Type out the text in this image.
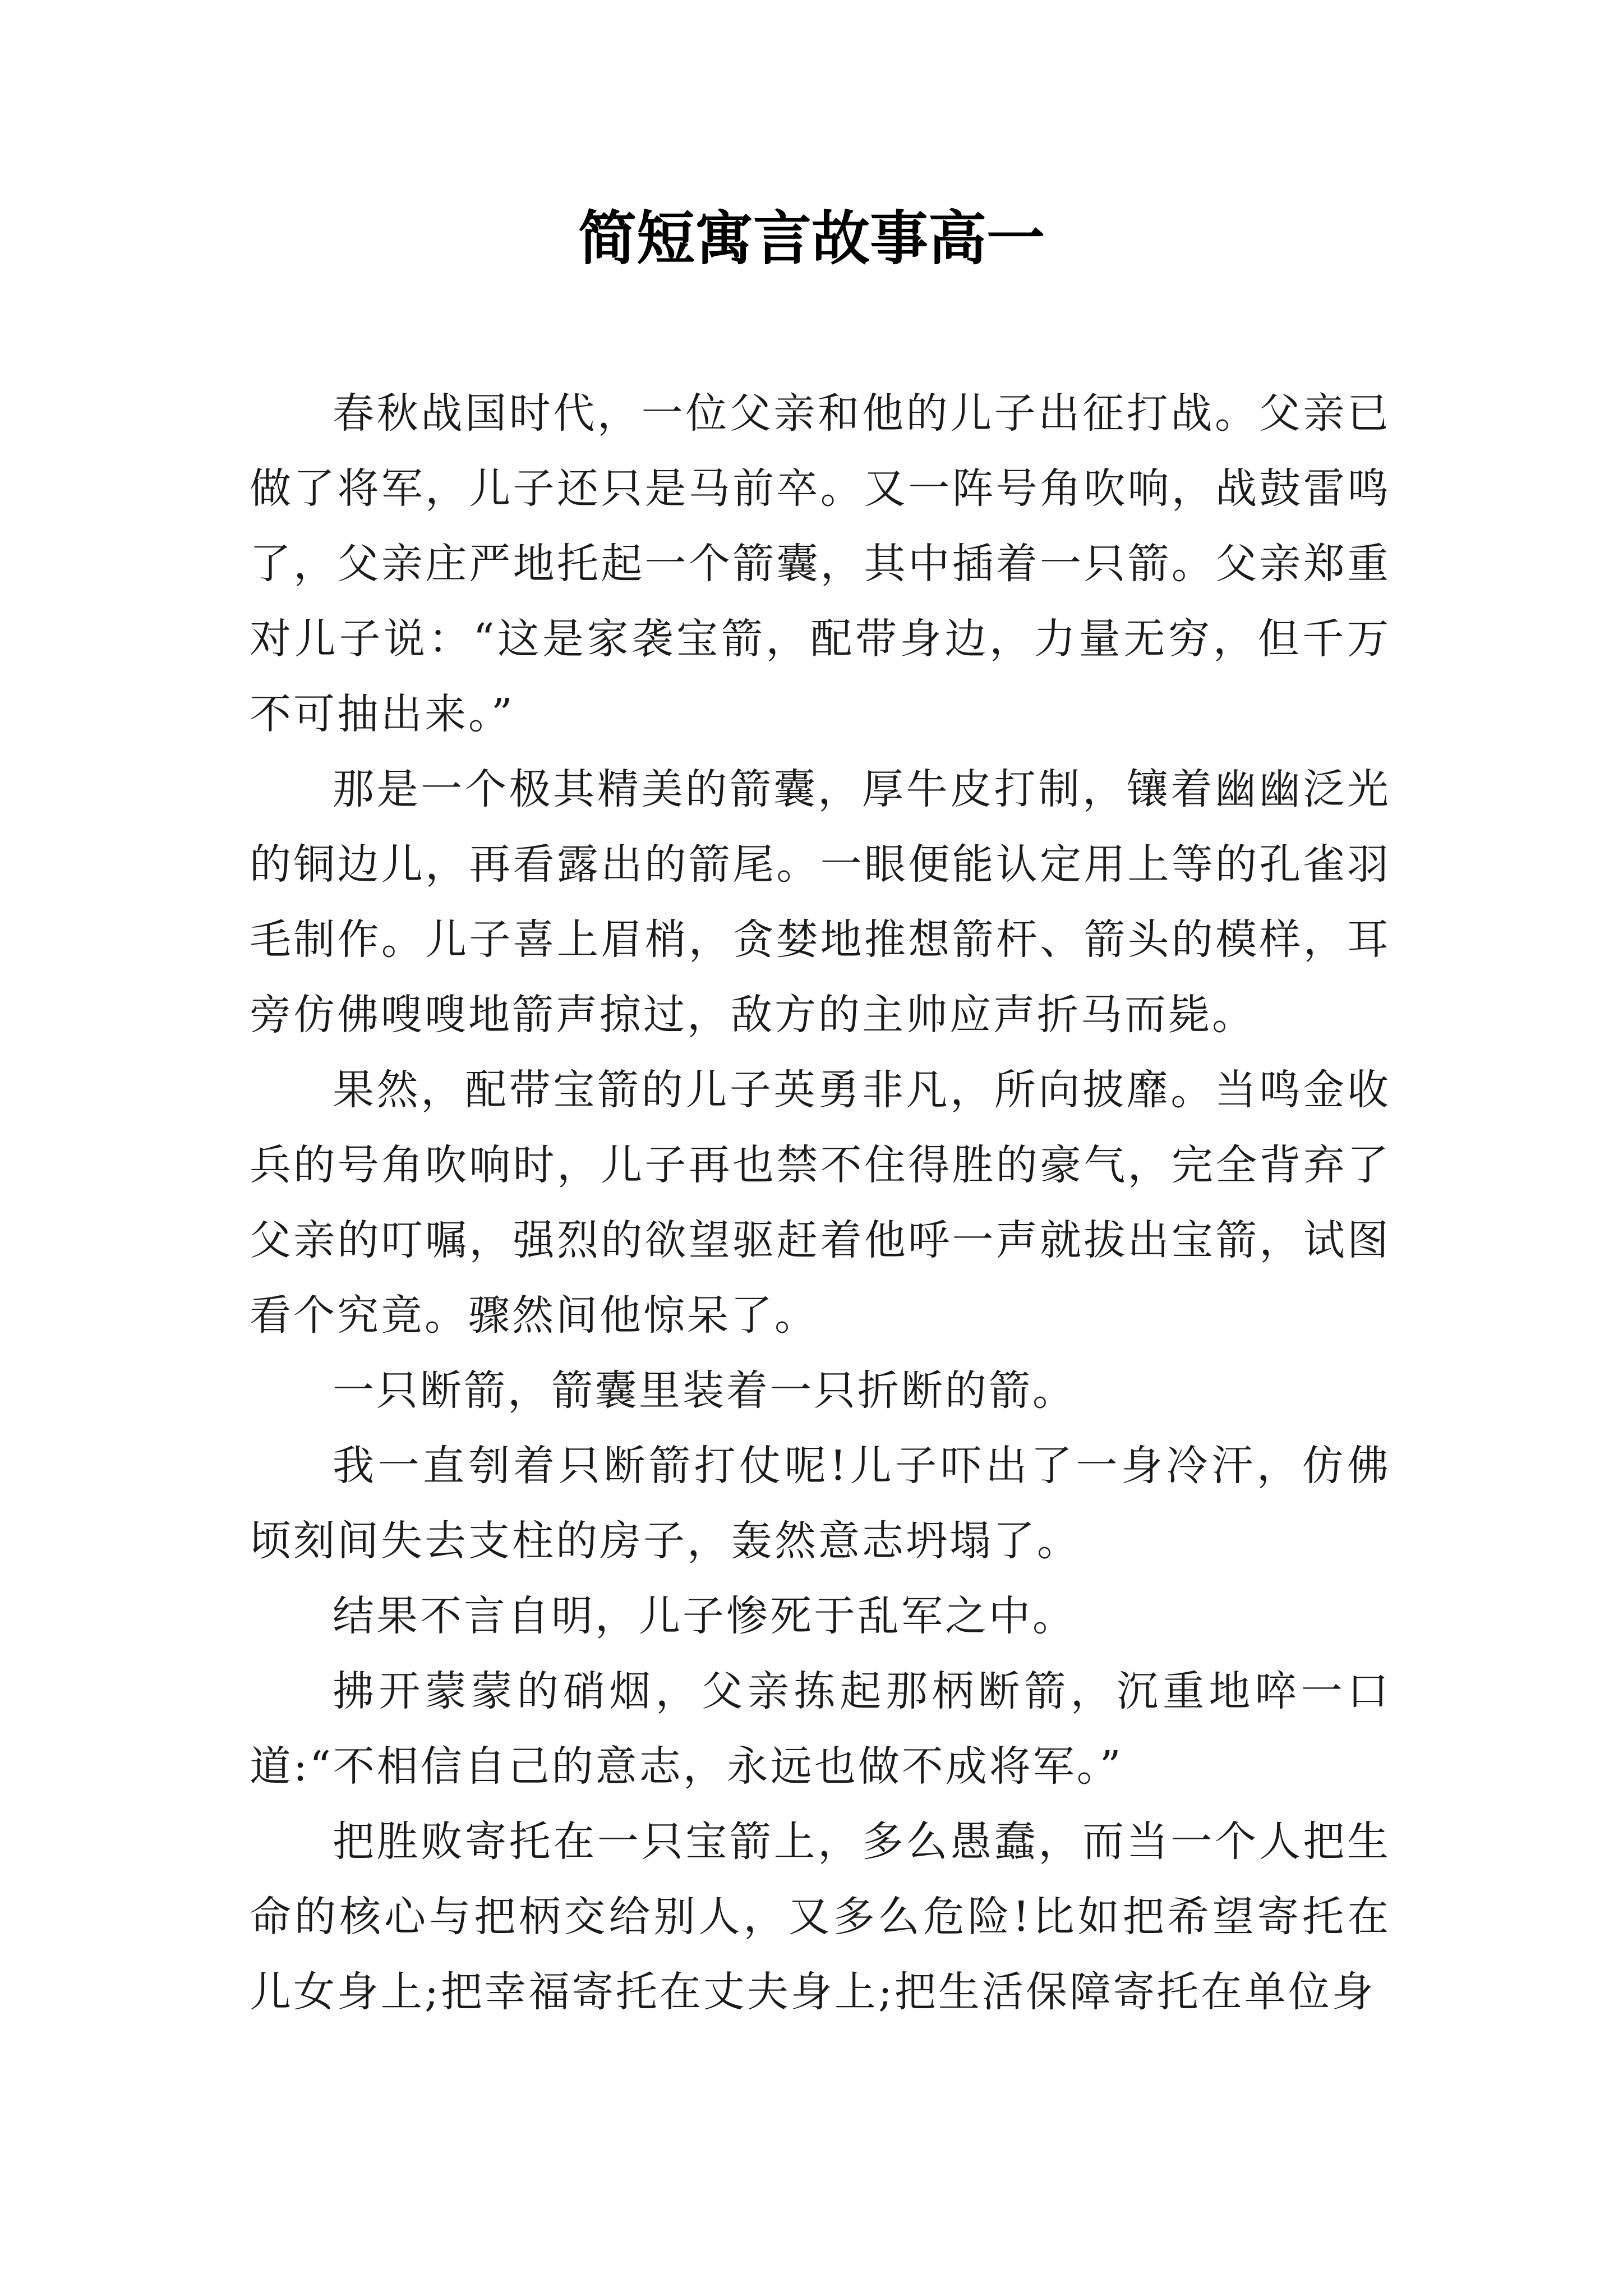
简短寓言故事高一

春秋战国时代，一位父亲和他的儿子出征打战。父亲已做了将军，儿子还只是马前卒。又一阵号角吹响，战鼓雷鸣了，父亲庄严地托起一个箭囊，其中插着一只箭。父亲郑重对儿子说：“这是家袭宝箭，配带身边，力量无穷，但千万不可抽出来。”

那是一个极其精美的箭囊，厚牛皮打制，镶着幽幽泛光的铜边儿，再看露出的箭尾。一眼便能认定用上等的孔雀羽毛制作。儿子喜上眉梢，贪婪地推想箭杆、箭头的模样，耳旁仿佛嗖嗖地箭声掠过，敌方的主帅应声折马而毙。

果然，配带宝箭的儿子英勇非凡，所向披靡。当鸣金收兵的号角吹响时，儿子再也禁不住得胜的豪气，完全背弃了父亲的叮嘱，强烈的欲望驱赶着他呼一声就拔出宝箭，试图看个究竟。骤然间他惊呆了。

一只断箭，箭囊里装着一只折断的箭。

我一直刳着只断箭打仗呢!儿子吓出了一身冷汗，仿佛顷刻间失去支柱的房子，轰然意志坍塌了。

结果不言自明，儿子惨死于乱军之中。

拂开蒙蒙的硝烟，父亲拣起那柄断箭，沉重地啐一口道:“不相信自己的意志，永远也做不成将军。”

把胜败寄托在一只宝箭上，多么愚蠢，而当一个人把生命的核心与把柄交给别人，又多么危险!比如把希望寄托在儿女身上;把幸福寄托在丈夫身上;把生活保障寄托在单位身
